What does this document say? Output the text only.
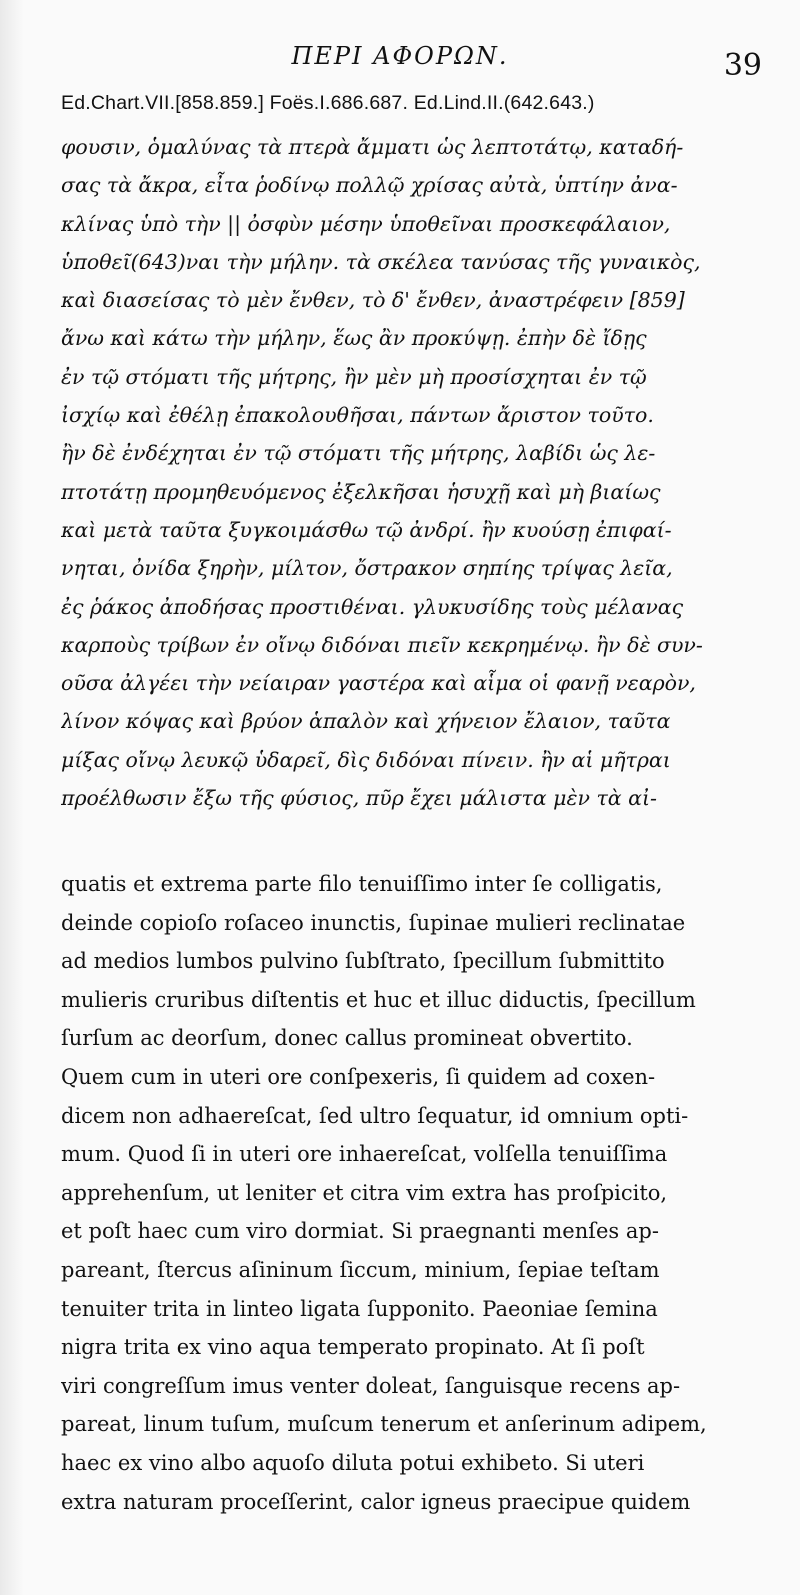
ΠΕΡΙ ΑΦΟΡΩΝ.	39
Ed.Chart.VII.[858.859.] Foës.I.686.687. Ed.Lind.II.(642.643.)

φουσιν, ὁμαλύνας τὰ πτερὰ ἄμματι ὡς λεπτοτάτῳ, καταδή-
σας τὰ ἄκρα, εἶτα ῥοδίνῳ πολλῷ χρίσας αὐτὰ, ὑπτίην ἀνα-
κλίνας ὑπὸ τὴν || ὀσφὺν μέσην ὑποθεῖναι προσκεφάλαιον,
ὑποθεῖ(643)ναι τὴν μήλην. τὰ σκέλεα τανύσας τῆς γυναικὸς,
καὶ διασείσας τὸ μὲν ἔνθεν, τὸ δ' ἔνθεν, ἀναστρέφειν [859]
ἄνω καὶ κάτω τὴν μήλην, ἕως ἂν προκύψῃ. ἐπὴν δὲ ἴδῃς
ἐν τῷ στόματι τῆς μήτρης, ἢν μὲν μὴ προσίσχηται ἐν τῷ
ἰσχίῳ καὶ ἐθέλῃ ἐπακολουθῆσαι, πάντων ἄριστον τοῦτο.
ἢν δὲ ἐνδέχηται ἐν τῷ στόματι τῆς μήτρης, λαβίδι ὡς λε-
πτοτάτῃ προμηθευόμενος ἐξελκῆσαι ἡσυχῇ καὶ μὴ βιαίως
καὶ μετὰ ταῦτα ξυγκοιμάσθω τῷ ἀνδρί. ἢν κυούσῃ ἐπιφαί-
νηται, ὀνίδα ξηρὴν, μίλτον, ὄστρακον σηπίης τρίψας λεῖα,
ἐς ῥάκος ἀποδήσας προστιθέναι. γλυκυσίδης τοὺς μέλανας
καρποὺς τρίβων ἐν οἴνῳ διδόναι πιεῖν κεκρημένῳ. ἢν δὲ συν-
οῦσα ἀλγέει τὴν νείαιραν γαστέρα καὶ αἷμα οἱ φανῇ νεαρὸν,
λίνον κόψας καὶ βρύον ἁπαλὸν καὶ χήνειον ἔλαιον, ταῦτα
μίξας οἴνῳ λευκῷ ὑδαρεῖ, δὶς διδόναι πίνειν. ἢν αἱ μῆτραι
προέλθωσιν ἔξω τῆς φύσιος, πῦρ ἔχει μάλιστα μὲν τὰ αἰ-

quatis et extrema parte filo tenuiſſimo inter ſe colligatis,
deinde copioſo roſaceo inunctis, ſupinae mulieri reclinatae
ad medios lumbos pulvino ſubſtrato, ſpecillum ſubmittito
mulieris cruribus diſtentis et huc et illuc diductis, ſpecillum
ſurſum ac deorſum, donec callus promineat obvertito.
Quem cum in uteri ore conſpexeris, ſi quidem ad coxen-
dicem non adhaereſcat, ſed ultro ſequatur, id omnium opti-
mum. Quod ſi in uteri ore inhaereſcat, volſella tenuiſſima
apprehenſum, ut leniter et citra vim extra has proſpicito,
et poſt haec cum viro dormiat. Si praegnanti menſes ap-
pareant, ſtercus aſininum ſiccum, minium, ſepiae teſtam
tenuiter trita in linteo ligata ſupponito. Paeoniae ſemina
nigra trita ex vino aqua temperato propinato. At ſi poſt
viri congreſſum imus venter doleat, ſanguisque recens ap-
pareat, linum tuſum, muſcum tenerum et anſerinum adipem,
haec ex vino albo aquoſo diluta potui exhibeto. Si uteri
extra naturam proceſſerint, calor igneus praecipue quidem
